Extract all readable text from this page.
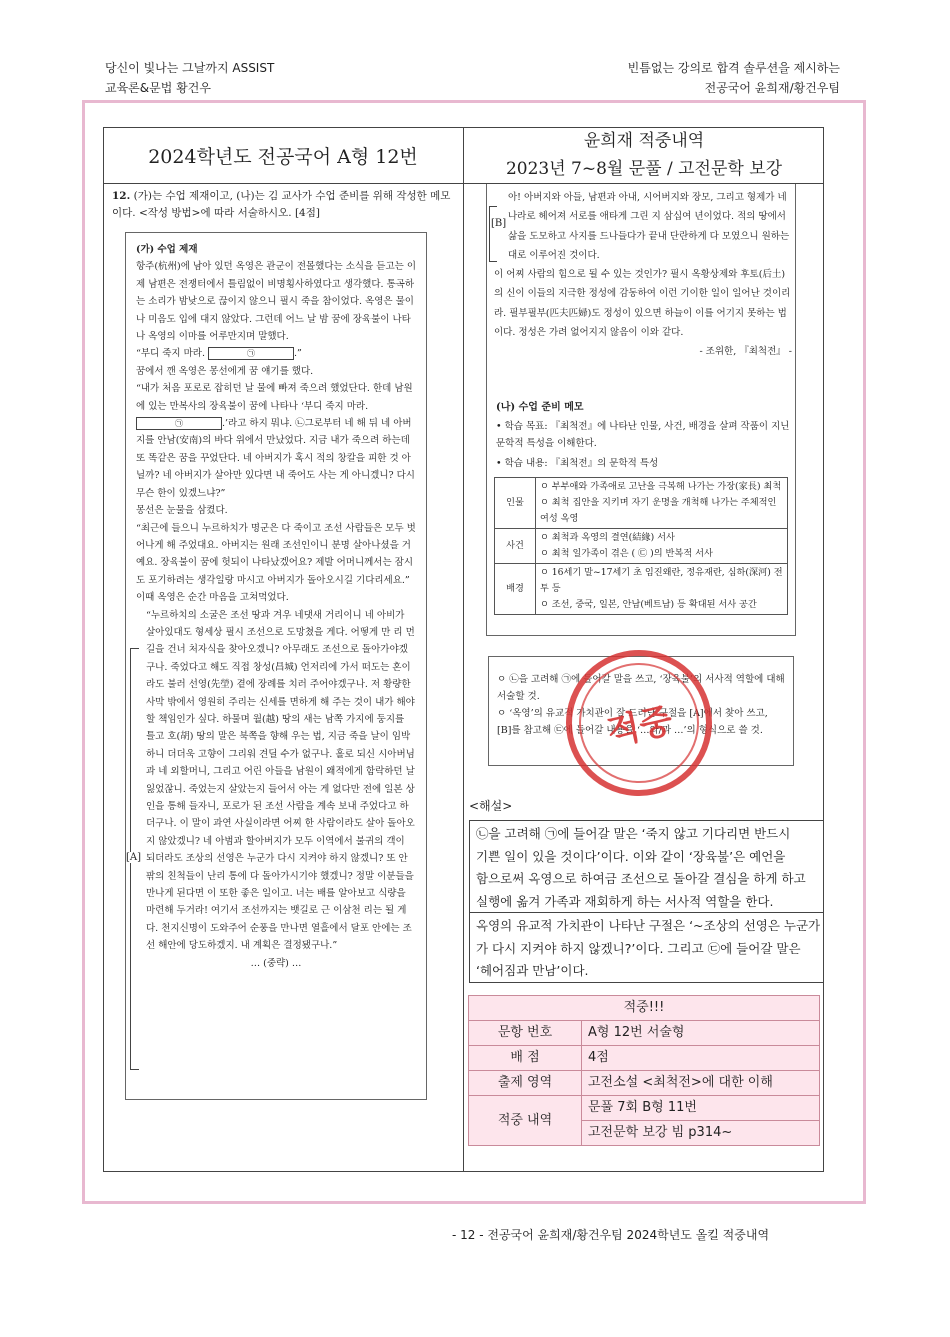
당신이 빛나는 그날까지 ASSIST
교육론&문법 황건우
빈틈없는 강의로 합격 솔루션을 제시하는
전공국어 윤희재/황건우팀
2024학년도 전공국어 A형 12번
윤희재 적중내역
2023년 7~8월 문풀 / 고전문학 보강
12. (가)는 수업 제재이고, (나)는 김 교사가 수업 준비를 위해 작성한 메모이다. <작성 방법>에 따라 서술하시오. [4점]

(가) 수업 제재

항주(杭州)에 남아 있던 옥영은 관군이 전몰했다는 소식을 듣고는 이제 남편은 전쟁터에서 틀림없이 비명횡사하였다고 생각했다. 통곡하는 소리가 밤낮으로 끊이지 않으니 필시 죽을 참이었다. 옥영은 물이나 미음도 입에 대지 않았다. 그런데 어느 날 밤 꿈에 장육불이 나타나 옥영의 이마를 어루만지며 말했다.

“부디 죽지 마라.	㉠	.”

꿈에서 깬 옥영은 몽선에게 꿈 얘기를 했다.

“내가 처음 포로로 잡히던 날 물에 빠져 죽으려 했었단다. 한데 남원에 있는 만복사의 장육불이 꿈에 나타나 ‘부디 죽지 마라. ㉠	.’라고 하지 뭐냐. ㉡그로부터 네 해 뒤 네 아버지를 안남(安南)의 바다 위에서 만났었다. 지금 내가 죽으려 하는데 또 똑같은 꿈을 꾸었단다. 네 아버지가 혹시 적의 창칼을 피한 것 아닐까? 네 아버지가 살아만 있다면 내 죽어도 사는 게 아니겠니? 다시 무슨 한이 있겠느냐?”

몽선은 눈물을 삼켰다.

“최근에 들으니 누르하치가 명군은 다 죽이고 조선 사람들은 모두 벗어나게 해 주었대요. 아버지는 원래 조선인이니 분명 살아나셨을 거예요. 장육불이 꿈에 헛되이 나타났겠어요? 제발 어머니께서는 잠시도 포기하려는 생각일랑 마시고 아버지가 돌아오시길 기다리세요.”

이때 옥영은 순간 마음을 고쳐먹었다.

“누르하치의 소굴은 조선 땅과 겨우 네댓새 거리이니 네 아비가 살아있대도 형세상 필시 조선으로 도망쳤을 게다. 어떻게 만 리 먼 길을 건너 처자식을 찾아오겠니? 아무래도 조선으로 돌아가야겠구나. 죽었다고 해도 직접 창성(昌城) 언저리에 가서 떠도는 혼이라도 불러 선영(先塋) 곁에 장례를 치러 주어야겠구나. 저 황량한 사막 밖에서 영원히 주리는 신세를 면하게 해 주는 것이 내가 해야 할 책임인가 싶다. 하물며 월(越) 땅의 새는 남쪽 가지에 둥지를 틀고 호(胡) 땅의 말은 북쪽을 향해 우는 법, 지금 죽을 날이 임박하니 더더욱 고향이 그리워 견딜 수가 없구나. 홀로 되신 시아버님과 네 외할머니, 그리고 어린 아들을 남원이 왜적에게 함락하던 날 잃었잖니. 죽었는지 살았는지 들어서 아는 게 없다만 전에 일본 상인을 통해 들자니, 포로가 된 조선 사람을 계속 보내 주었다고 하더구나. 이 말이 과연 사실이라면 어찌 한 사람이라도 살아 돌아오지 않았겠니? 네 아범과 할아버지가 모두 이역에서 불귀의 객이 되더라도 조상의 선영은 누군가 다시 지켜야 하지 않겠니? 또 안팎의 친척들이 난리 통에 다 돌아가시기야 했겠니? 정말 이분들을 만나게 된다면 이 또한 좋은 일이고. 너는 배를 알아보고 식량을 마련해 두거라! 여기서 조선까지는 뱃길로 근 이삼천 리는 될 게다. 천지신명이 도와주어 순풍을 만나면 열흘에서 달포 안에는 조선 해안에 당도하겠지. 내 계획은 결정됐구나.”

… (중략) …

[A]
아! 아버지와 아들, 남편과 아내, 시어버지와 장모, 그리고 형제가 네 나라로 헤어져 서로를 애타게 그린 지 삼십여 년이었다. 적의 땅에서 삶을 도모하고 사지를 드나들다가 끝내 단란하게 다 모였으니 원하는 대로 이루어진 것이다.
이 어찌 사람의 힘으로 될 수 있는 것인가? 필시 옥황상제와 후토(后土)의 신이 이들의 지극한 정성에 감동하여 이런 기이한 일이 일어난 것이리라. 필부필부(匹夫匹婦)도 정성이 있으면 하늘이 이를 어기지 못하는 법이다. 정성은 가려 없어지지 않음이 이와 같다.
- 조위한, 『최척전』 -
[B]
(나) 수업 준비 메모
• 학습 목표: 『최척전』에 나타난 인물, 사건, 배경을 살펴 작품이 지닌 문학적 특성을 이해한다.
• 학습 내용: 『최척전』의 문학적 특성
인물	ㅇ 부부애와 가족애로 고난을 극복해 나가는 가장(家長) 최척
ㅇ 최척 집안을 지키며 자기 운명을 개척해 나가는 주체적인 여성 옥영

사건	ㅇ 최척과 옥영의 결연(結緣) 서사
ㅇ 최척 일가족이 겪은 ( ㉢ )의 반복적 서사

배경	ㅇ 16세기 말~17세기 초 임진왜란, 정유재란, 심하(深河) 전투 등
ㅇ 조선, 중국, 일본, 안남(베트남) 등 확대된 서사 공간
ㅇ ㉡을 고려해 ㉠에 들어갈 말을 쓰고, ‘장육불’의 서사적 역할에 대해 서술할 것.
ㅇ ‘옥영’의 유교적 가치관이 잘 드러난 구절을 [A]에서 찾아 쓰고, [B]를 참고해 ㉢에 들어갈 내용을 ‘…와/과 …’의 형식으로 쓸 것.
적중
<해설>
㉡을 고려해 ㉠에 들어갈 말은 ‘죽지 않고 기다리면 반드시
기쁜 일이 있을 것이다’이다. 이와 같이 ‘장육불’은 예언을
함으로써 옥영으로 하여금 조선으로 돌아갈 결심을 하게 하고
실행에 옮겨 가족과 재회하게 하는 서사적 역할을 한다.
옥영의 유교적 가치관이 나타난 구절은 ‘~조상의 선영은 누군가
가 다시 지켜야 하지 않겠니?’이다. 그리고 ㉢에 들어갈 말은
‘헤어짐과 만남’이다.
적중!!!	
문항 번호	A형 12번 서술형
배 점	4점
출제 영역	고전소설 <최척전>에 대한 이해
적중 내역	문풀 7회 B형 11번
	고전문학 보강 빔 p314~
- 12 - 전공국어 윤희재/황건우팀 2024학년도 올킬 적중내역
